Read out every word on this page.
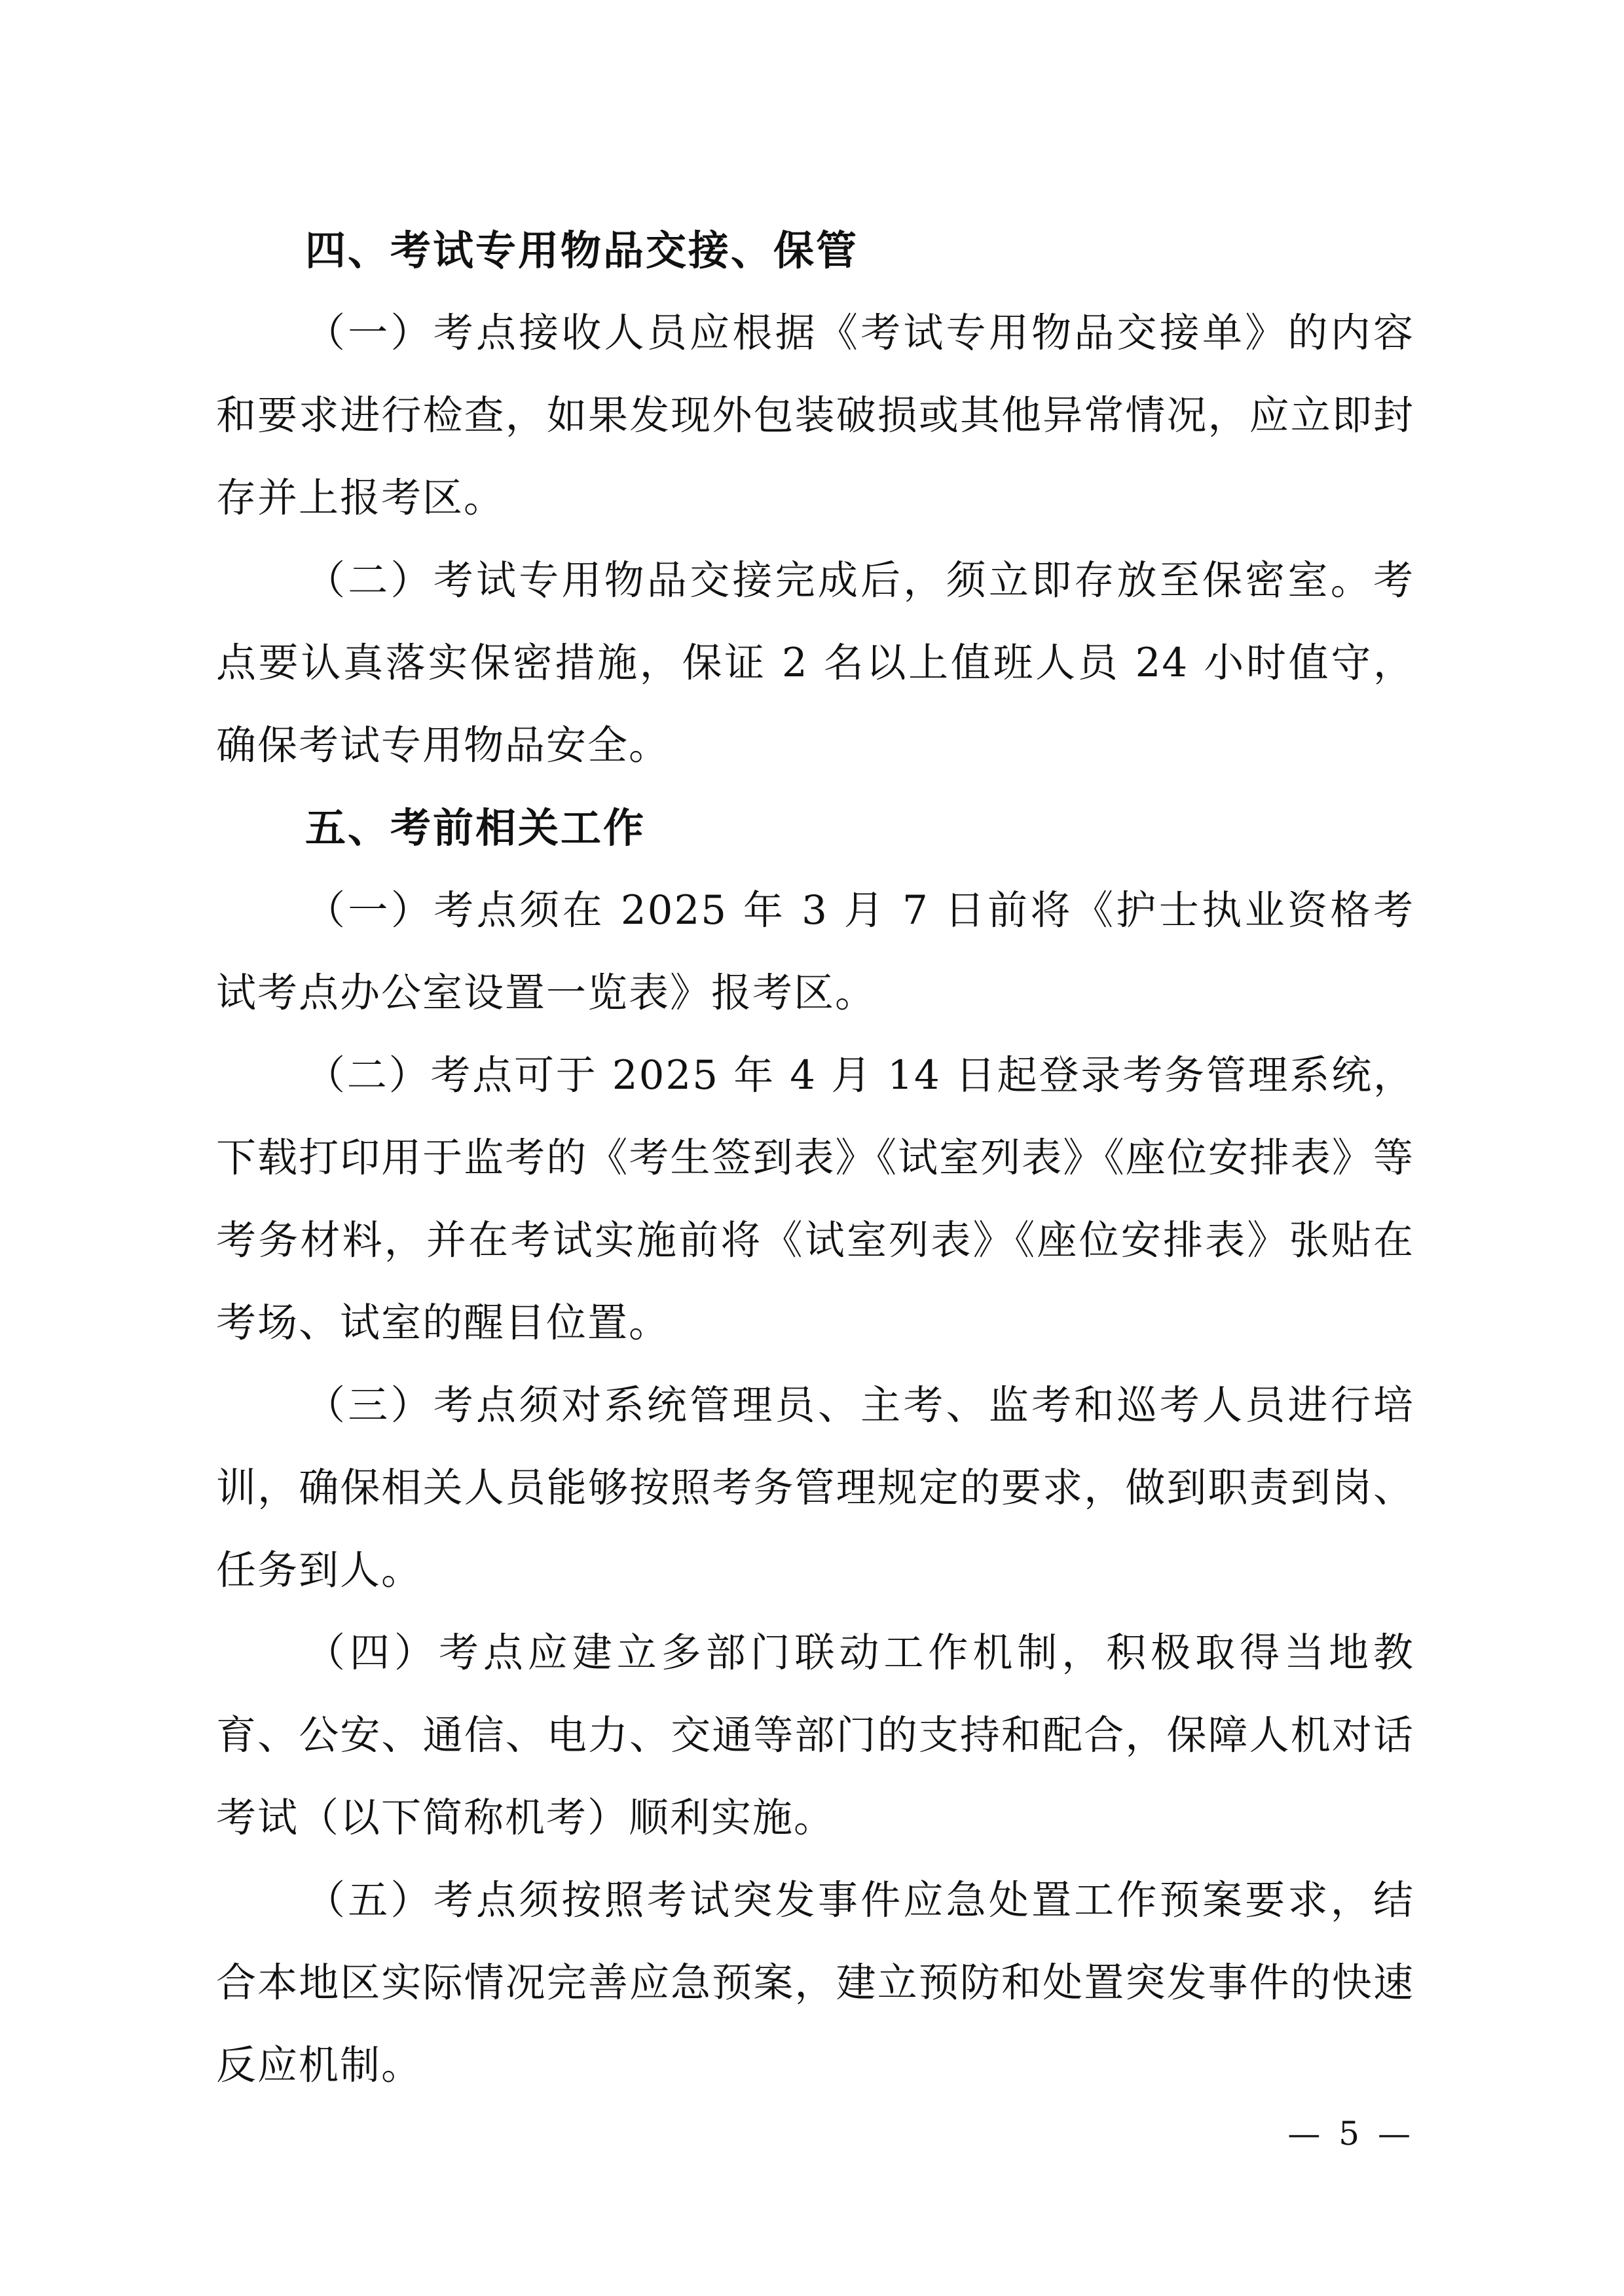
四、考试专用物品交接、保管

（一）考点接收人员应根据《考试专用物品交接单》的内容和要求进行检查，如果发现外包装破损或其他异常情况，应立即封存并上报考区。

（二）考试专用物品交接完成后，须立即存放至保密室。考点要认真落实保密措施，保证 2 名以上值班人员 24 小时值守，确保考试专用物品安全。

五、考前相关工作

（一）考点须在 2025 年 3 月 7 日前将《护士执业资格考试考点办公室设置一览表》报考区。

（二）考点可于 2025 年 4 月 14 日起登录考务管理系统，下载打印用于监考的《考生签到表》《试室列表》《座位安排表》等考务材料，并在考试实施前将《试室列表》《座位安排表》张贴在考场、试室的醒目位置。

（三）考点须对系统管理员、主考、监考和巡考人员进行培训，确保相关人员能够按照考务管理规定的要求，做到职责到岗、任务到人。

（四）考点应建立多部门联动工作机制，积极取得当地教育、公安、通信、电力、交通等部门的支持和配合，保障人机对话考试（以下简称机考）顺利实施。

（五）考点须按照考试突发事件应急处置工作预案要求，结合本地区实际情况完善应急预案，建立预防和处置突发事件的快速反应机制。

— 5 —
